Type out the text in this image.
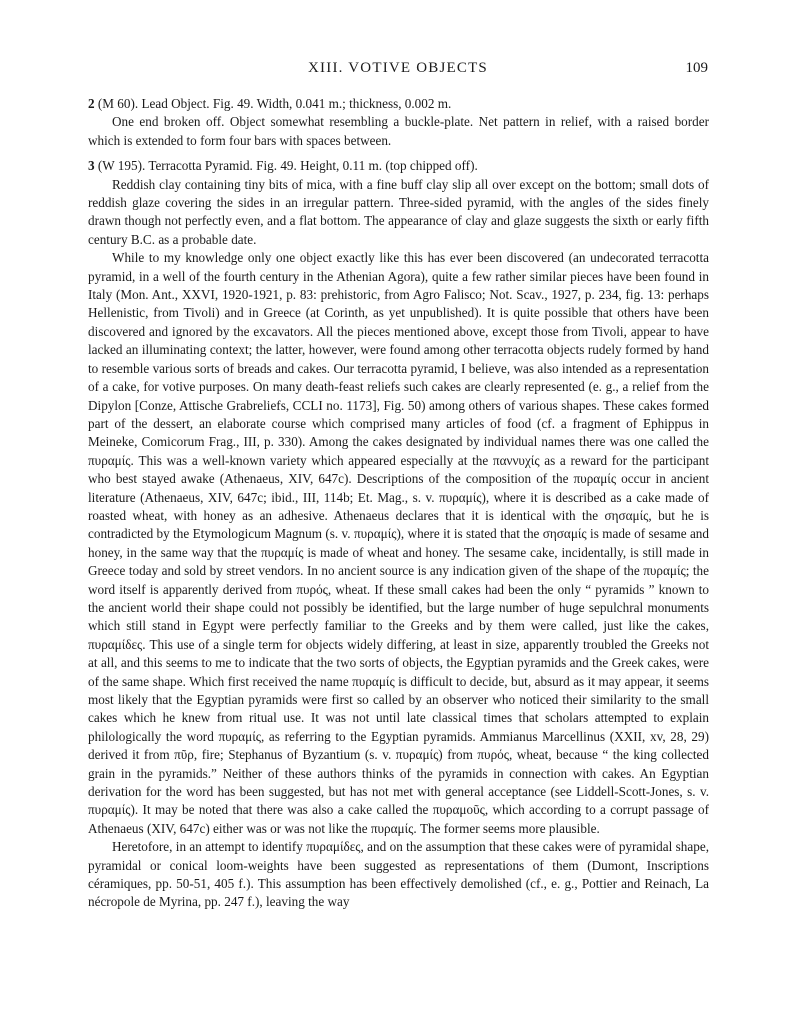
XIII. VOTIVE OBJECTS	109
2 (M 60). Lead Object. Fig. 49. Width, 0.041 m.; thickness, 0.002 m.

One end broken off. Object somewhat resembling a buckle-plate. Net pattern in relief, with a raised border which is extended to form four bars with spaces between.

3 (W 195). Terracotta Pyramid. Fig. 49. Height, 0.11 m. (top chipped off).

Reddish clay containing tiny bits of mica, with a fine buff clay slip all over except on the bottom; small dots of reddish glaze covering the sides in an irregular pattern. Three-sided pyramid, with the angles of the sides finely drawn though not perfectly even, and a flat bottom. The appearance of clay and glaze suggests the sixth or early fifth century B.C. as a probable date.

While to my knowledge only one object exactly like this has ever been discovered (an undecorated terracotta pyramid, in a well of the fourth century in the Athenian Agora), quite a few rather similar pieces have been found in Italy (Mon. Ant., XXVI, 1920-1921, p. 83: prehistoric, from Agro Falisco; Not. Scav., 1927, p. 234, fig. 13: perhaps Hellenistic, from Tivoli) and in Greece (at Corinth, as yet unpublished). It is quite possible that others have been discovered and ignored by the excavators. All the pieces mentioned above, except those from Tivoli, appear to have lacked an illuminating context; the latter, however, were found among other terracotta objects rudely formed by hand to resemble various sorts of breads and cakes. Our terracotta pyramid, I believe, was also intended as a representation of a cake, for votive purposes. On many death-feast reliefs such cakes are clearly represented (e. g., a relief from the Dipylon [Conze, Attische Grabreliefs, CCLI no. 1173], Fig. 50) among others of various shapes. These cakes formed part of the dessert, an elaborate course which comprised many articles of food (cf. a fragment of Ephippus in Meineke, Comicorum Frag., III, p. 330). Among the cakes designated by individual names there was one called the πυραμίς. This was a well-known variety which appeared especially at the παννυχίς as a reward for the participant who best stayed awake (Athenaeus, XIV, 647c). Descriptions of the composition of the πυραμίς occur in ancient literature (Athenaeus, XIV, 647c; ibid., III, 114b; Et. Mag., s. v. πυραμίς), where it is described as a cake made of roasted wheat, with honey as an adhesive. Athenaeus declares that it is identical with the σησαμίς, but he is contradicted by the Etymologicum Magnum (s. v. πυραμίς), where it is stated that the σησαμίς is made of sesame and honey, in the same way that the πυραμίς is made of wheat and honey. The sesame cake, incidentally, is still made in Greece today and sold by street vendors. In no ancient source is any indication given of the shape of the πυραμίς; the word itself is apparently derived from πυρός, wheat. If these small cakes had been the only “ pyramids ” known to the ancient world their shape could not possibly be identified, but the large number of huge sepulchral monuments which still stand in Egypt were perfectly familiar to the Greeks and by them were called, just like the cakes, πυραμίδες. This use of a single term for objects widely differing, at least in size, apparently troubled the Greeks not at all, and this seems to me to indicate that the two sorts of objects, the Egyptian pyramids and the Greek cakes, were of the same shape. Which first received the name πυραμίς is difficult to decide, but, absurd as it may appear, it seems most likely that the Egyptian pyramids were first so called by an observer who noticed their similarity to the small cakes which he knew from ritual use. It was not until late classical times that scholars attempted to explain philologically the word πυραμίς, as referring to the Egyptian pyramids. Ammianus Marcellinus (XXII, xv, 28, 29) derived it from πῦρ, fire; Stephanus of Byzantium (s. v. πυραμίς) from πυρός, wheat, because “ the king collected grain in the pyramids.” Neither of these authors thinks of the pyramids in connection with cakes. An Egyptian derivation for the word has been suggested, but has not met with general acceptance (see Liddell-Scott-Jones, s. v. πυραμίς). It may be noted that there was also a cake called the πυραμοῦς, which according to a corrupt passage of Athenaeus (XIV, 647c) either was or was not like the πυραμίς. The former seems more plausible.

Heretofore, in an attempt to identify πυραμίδες, and on the assumption that these cakes were of pyramidal shape, pyramidal or conical loom-weights have been suggested as representations of them (Dumont, Inscriptions céramiques, pp. 50-51, 405 f.). This assumption has been effectively demolished (cf., e. g., Pottier and Reinach, La nécropole de Myrina, pp. 247 f.), leaving the way
